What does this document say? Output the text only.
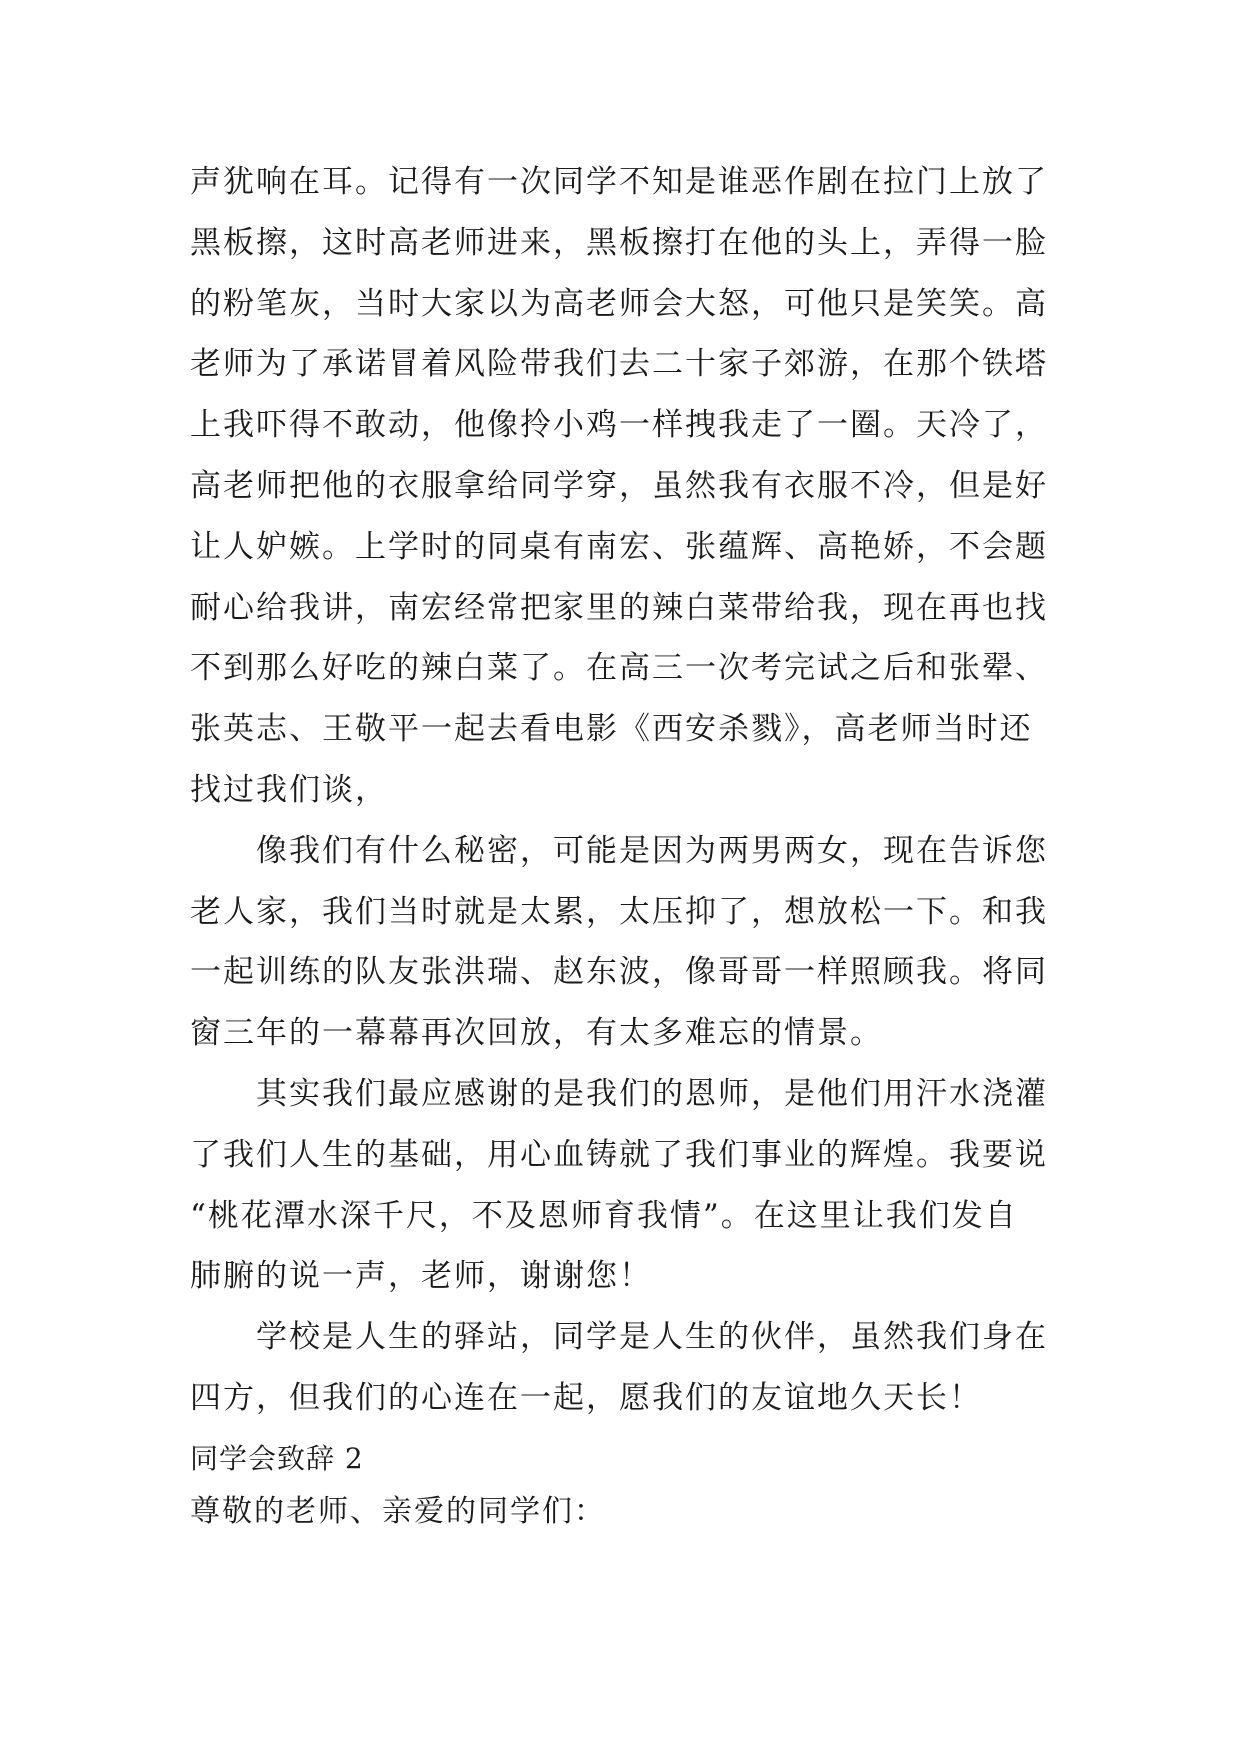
声犹响在耳。记得有一次同学不知是谁恶作剧在拉门上放了
黑板擦，这时高老师进来，黑板擦打在他的头上，弄得一脸
的粉笔灰，当时大家以为高老师会大怒，可他只是笑笑。高
老师为了承诺冒着风险带我们去二十家子郊游，在那个铁塔
上我吓得不敢动，他像拎小鸡一样拽我走了一圈。天冷了，
高老师把他的衣服拿给同学穿，虽然我有衣服不冷，但是好
让人妒嫉。上学时的同桌有南宏、张蕴辉、高艳娇，不会题
耐心给我讲，南宏经常把家里的辣白菜带给我，现在再也找
不到那么好吃的辣白菜了。在高三一次考完试之后和张翚、
张英志、王敬平一起去看电影《西安杀戮》，高老师当时还
找过我们谈，
像我们有什么秘密，可能是因为两男两女，现在告诉您
老人家，我们当时就是太累，太压抑了，想放松一下。和我
一起训练的队友张洪瑞、赵东波，像哥哥一样照顾我。将同
窗三年的一幕幕再次回放，有太多难忘的情景。
其实我们最应感谢的是我们的恩师，是他们用汗水浇灌
了我们人生的基础，用心血铸就了我们事业的辉煌。我要说
“桃花潭水深千尺，不及恩师育我情”。在这里让我们发自
肺腑的说一声，老师，谢谢您！
学校是人生的驿站，同学是人生的伙伴，虽然我们身在
四方，但我们的心连在一起，愿我们的友谊地久天长！
同学会致辞 2
尊敬的老师、亲爱的同学们：
